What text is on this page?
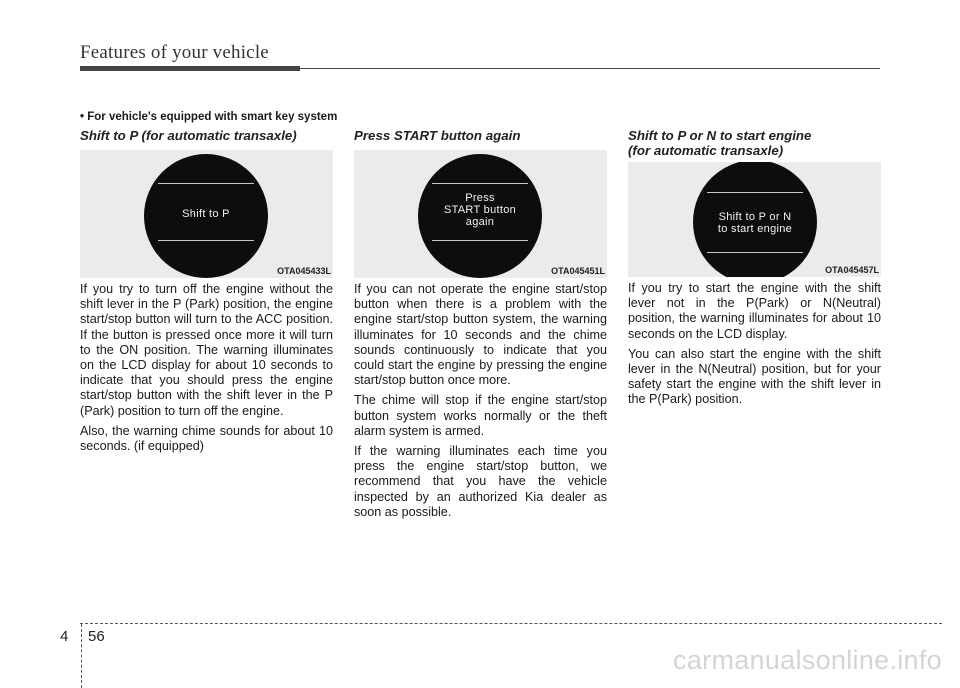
Features of your vehicle
• For vehicle's equipped with smart key system
Shift to P (for automatic transaxle)
Shift to P
OTA045433L

If you try to turn off the engine without the shift lever in the P (Park) position, the engine start/stop button will turn to the ACC position. If the button is pressed once more it will turn to the ON position. The warning illuminates on the LCD display for about 10 seconds to indicate that you should press the engine start/stop button with the shift lever in the P (Park) position to turn off the engine.

Also, the warning chime sounds for about 10 seconds. (if equipped)

Press START button again
Press
START button
again
OTA045451L

If you can not operate the engine start/stop button when there is a problem with the engine start/stop button system, the warning illuminates for 10 seconds and the chime sounds continuously to indicate that you could start the engine by pressing the engine start/stop button once more.

The chime will stop if the engine start/stop button system works normally or the theft alarm system is armed.

If the warning illuminates each time you press the engine start/stop button, we recommend that you have the vehicle inspected by an authorized Kia dealer as soon as possible.

Shift to P or N to start engine
(for automatic transaxle)
Shift to P or N
to start engine
OTA045457L

If you try to start the engine with the shift lever not in the P(Park) or N(Neutral) position, the warning illuminates for about 10 seconds on the LCD display.

You can also start the engine with the shift lever in the N(Neutral) position, but for your safety start the engine with the shift lever in the P(Park) position.

4 56
carmanualsonline.info
